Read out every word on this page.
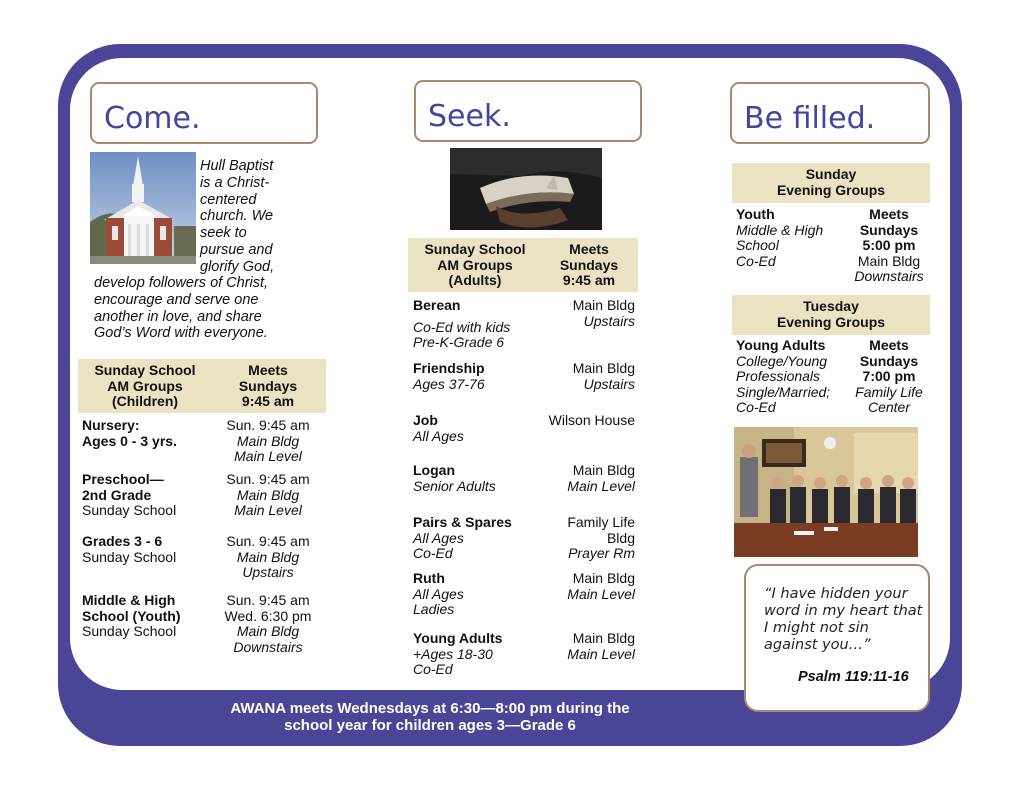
Come.	Seek.	Be filled.
Hull Baptist
is a Christ-
centered
church. We
seek to
pursue and
glorify God,
develop followers of Christ,
encourage and serve one
another in love, and share
God’s Word with everyone.
Sunday School
AM Groups
(Children)
Meets
Sundays
9:45 am
Nursery:
Ages 0 - 3 yrs.
Sun. 9:45 am
Main Bldg
Main Level
Preschool—
2nd Grade
Sunday School
Sun. 9:45 am
Main Bldg
Main Level
Grades 3 - 6
Sunday School
Sun. 9:45 am
Main Bldg
Upstairs
Middle & High
School (Youth)
Sunday School
Sun. 9:45 am
Wed. 6:30 pm
Main Bldg
Downstairs
Sunday School
AM Groups
(Adults)
Meets
Sundays
9:45 am
Berean
Co-Ed with kids
Pre-K-Grade 6
Main Bldg
Upstairs
Friendship
Ages 37-76
Main Bldg
Upstairs
Job
All Ages
Wilson House
Logan
Senior Adults
Main Bldg
Main Level
Pairs & Spares
All Ages
Co-Ed
Family Life
Bldg
Prayer Rm
Ruth
All Ages
Ladies
Main Bldg
Main Level
Young Adults
+Ages 18-30
Co-Ed
Main Bldg
Main Level
Sunday
Evening Groups
Youth
Middle & High
School
Co-Ed
Meets
Sundays
5:00 pm
Main Bldg
Downstairs
Tuesday
Evening Groups
Young Adults
College/Young
Professionals
Single/Married;
Co-Ed
Meets
Sundays
7:00 pm
Family Life
Center
“I have hidden your
word in my heart that
I might not sin
against you…”
Psalm 119:11-16
AWANA meets Wednesdays at 6:30—8:00 pm during the
school year for children ages 3—Grade 6
